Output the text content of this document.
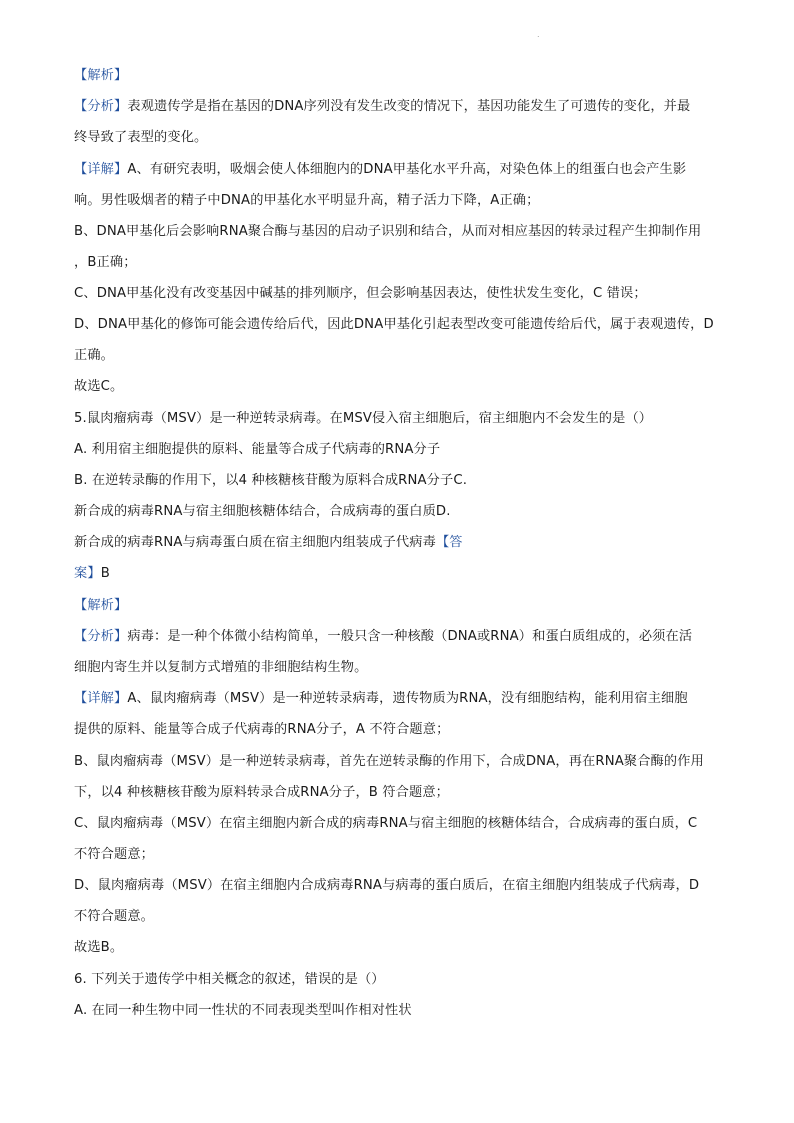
.
【解析】
【分析】表观遗传学是指在基因的DNA序列没有发生改变的情况下，基因功能发生了可遗传的变化，并最
终导致了表型的变化。
【详解】A、有研究表明，吸烟会使人体细胞内的DNA甲基化水平升高，对染色体上的组蛋白也会产生影
响。男性吸烟者的精子中DNA的甲基化水平明显升高，精子活力下降，A正确；
B、DNA甲基化后会影响RNA聚合酶与基因的启动子识别和结合，从而对相应基因的转录过程产生抑制作用
，B正确；
C、DNA甲基化没有改变基因中碱基的排列顺序，但会影响基因表达，使性状发生变化，C 错误；
D、DNA甲基化的修饰可能会遗传给后代，因此DNA甲基化引起表型改变可能遗传给后代，属于表观遗传，D
正确。
故选C。
5.鼠肉瘤病毒（MSV）是一种逆转录病毒。在MSV侵入宿主细胞后，宿主细胞内不会发生的是（）
A. 利用宿主细胞提供的原料、能量等合成子代病毒的RNA分子
B. 在逆转录酶的作用下，以4 种核糖核苷酸为原料合成RNA分子C.
新合成的病毒RNA与宿主细胞核糖体结合，合成病毒的蛋白质D.
新合成的病毒RNA与病毒蛋白质在宿主细胞内组装成子代病毒【答
案】B
【解析】
【分析】病毒：是一种个体微小结构简单，一般只含一种核酸（DNA或RNA）和蛋白质组成的，必须在活
细胞内寄生并以复制方式增殖的非细胞结构生物。
【详解】A、鼠肉瘤病毒（MSV）是一种逆转录病毒，遗传物质为RNA，没有细胞结构，能利用宿主细胞
提供的原料、能量等合成子代病毒的RNA分子，A 不符合题意；
B、鼠肉瘤病毒（MSV）是一种逆转录病毒，首先在逆转录酶的作用下，合成DNA，再在RNA聚合酶的作用
下，以4 种核糖核苷酸为原料转录合成RNA分子，B 符合题意；
C、鼠肉瘤病毒（MSV）在宿主细胞内新合成的病毒RNA与宿主细胞的核糖体结合，合成病毒的蛋白质，C
不符合题意；
D、鼠肉瘤病毒（MSV）在宿主细胞内合成病毒RNA与病毒的蛋白质后，在宿主细胞内组装成子代病毒，D
不符合题意。
故选B。
6. 下列关于遗传学中相关概念的叙述，错误的是（）
A. 在同一种生物中同一性状的不同表现类型叫作相对性状
